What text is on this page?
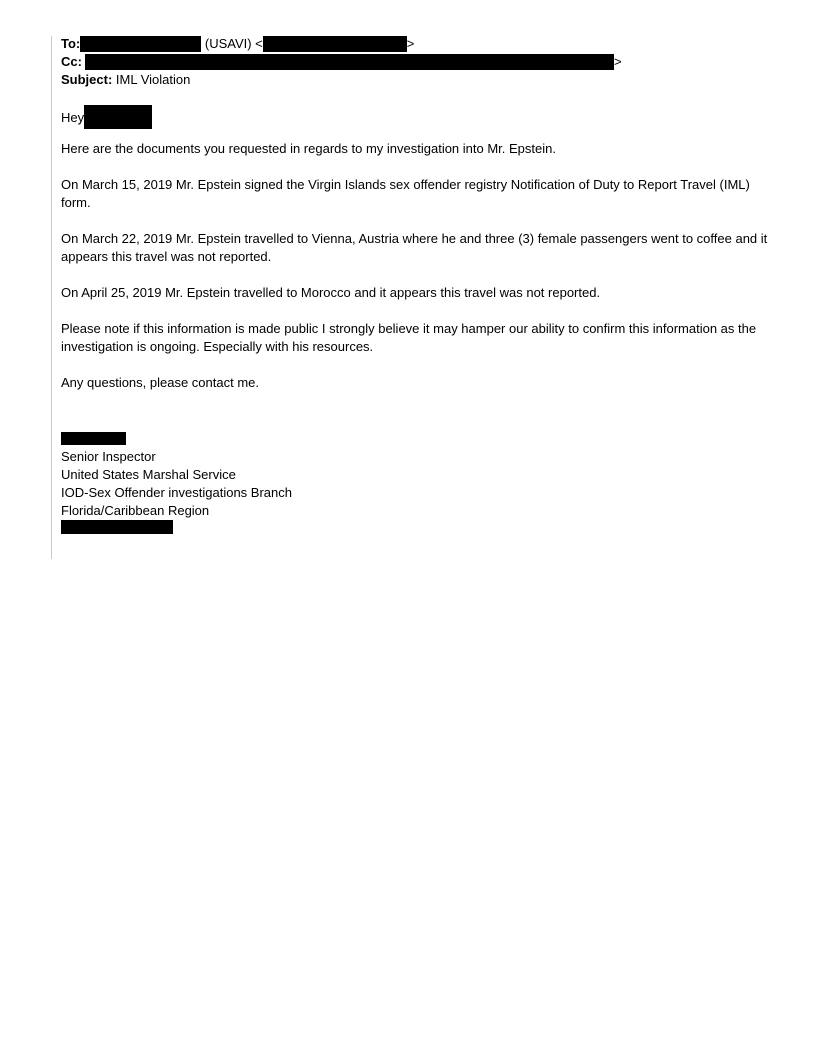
To:	(USAVI) <	>
Cc:	>
Subject: IML Violation
Hey

Here are the documents you requested in regards to my investigation into Mr. Epstein.

On March 15, 2019 Mr. Epstein signed the Virgin Islands sex offender registry Notification of Duty to Report Travel (IML) form.

On March 22, 2019 Mr. Epstein travelled to Vienna, Austria where he and three (3) female passengers went to coffee and it appears this travel was not reported.

On April 25, 2019 Mr. Epstein travelled to Morocco and it appears this travel was not reported.

Please note if this information is made public I strongly believe it may hamper our ability to confirm this information as the investigation is ongoing. Especially with his resources.

Any questions, please contact me.

Senior Inspector
United States Marshal Service
IOD-Sex Offender investigations Branch
Florida/Caribbean Region
